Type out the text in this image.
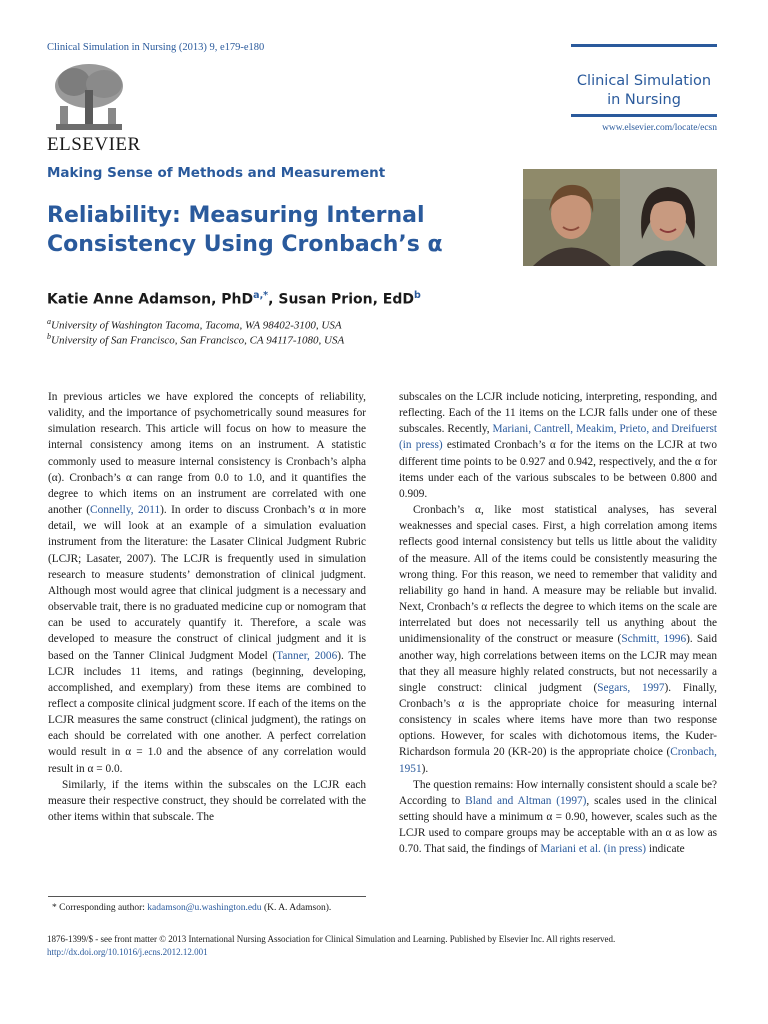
Clinical Simulation in Nursing (2013) 9, e179-e180
ELSEVIER
Clinical Simulation
in Nursing
www.elsevier.com/locate/ecsn
Making Sense of Methods and Measurement
Reliability: Measuring Internal
Consistency Using Cronbach’s α
Katie Anne Adamson, PhD$^{a,*}$, Susan Prion, EdD$^b$
$^a$University of Washington Tacoma, Tacoma, WA 98402-3100, USA
$^b$University of San Francisco, San Francisco, CA 94117-1080, USA

In previous articles we have explored the concepts of reliability, validity, and the importance of psychometrically sound measures for simulation research. This article will focus on how to measure the internal consistency among items on an instrument. A statistic commonly used to measure internal consistency is Cronbach’s alpha (α). Cronbach’s α can range from 0.0 to 1.0, and it quantifies the degree to which items on an instrument are correlated with one another (Connelly, 2011). In order to discuss Cronbach’s α in more detail, we will look at an example of a simulation evaluation instrument from the literature: the Lasater Clinical Judgment Rubric (LCJR; Lasater, 2007). The LCJR is frequently used in simulation research to measure students’ demonstration of clinical judgment. Although most would agree that clinical judgment is a necessary and observable trait, there is no graduated medicine cup or nomogram that can be used to accurately quantify it. Therefore, a scale was developed to measure the construct of clinical judgment and it is based on the Tanner Clinical Judgment Model (Tanner, 2006). The LCJR includes 11 items, and ratings (beginning, developing, accomplished, and exemplary) from these items are combined to reflect a composite clinical judgment score. If each of the items on the LCJR measures the same construct (clinical judgment), the ratings on each should be correlated with one another. A perfect correlation would result in α = 1.0 and the absence of any correlation would result in α = 0.0.

Similarly, if the items within the subscales on the LCJR each measure their respective construct, they should be correlated with the other items within that subscale. The

subscales on the LCJR include noticing, interpreting, responding, and reflecting. Each of the 11 items on the LCJR falls under one of these subscales. Recently, Mariani, Cantrell, Meakim, Prieto, and Dreifuerst (in press) estimated Cronbach’s α for the items on the LCJR at two different time points to be 0.927 and 0.942, respectively, and the α for items under each of the various subscales to be between 0.800 and 0.909.

Cronbach’s α, like most statistical analyses, has several weaknesses and special cases. First, a high correlation among items reflects good internal consistency but tells us little about the validity of the measure. All of the items could be consistently measuring the wrong thing. For this reason, we need to remember that validity and reliability go hand in hand. A measure may be reliable but invalid. Next, Cronbach’s α reflects the degree to which items on the scale are interrelated but does not necessarily tell us anything about the unidimensionality of the construct or measure (Schmitt, 1996). Said another way, high correlations between items on the LCJR may mean that they all measure highly related constructs, but not necessarily a single construct: clinical judgment (Segars, 1997). Finally, Cronbach’s α is the appropriate choice for measuring internal consistency in scales where items have more than two response options. However, for scales with dichotomous items, the Kuder-Richardson formula 20 (KR-20) is the appropriate choice (Cronbach, 1951).

The question remains: How internally consistent should a scale be? According to Bland and Altman (1997), scales used in the clinical setting should have a minimum α = 0.90, however, scales such as the LCJR used to compare groups may be acceptable with an α as low as 0.70. That said, the findings of Mariani et al. (in press) indicate

* Corresponding author: kadamson@u.washington.edu (K. A. Adamson).
1876-1399/$ - see front matter © 2013 International Nursing Association for Clinical Simulation and Learning. Published by Elsevier Inc. All rights reserved.
http://dx.doi.org/10.1016/j.ecns.2012.12.001
